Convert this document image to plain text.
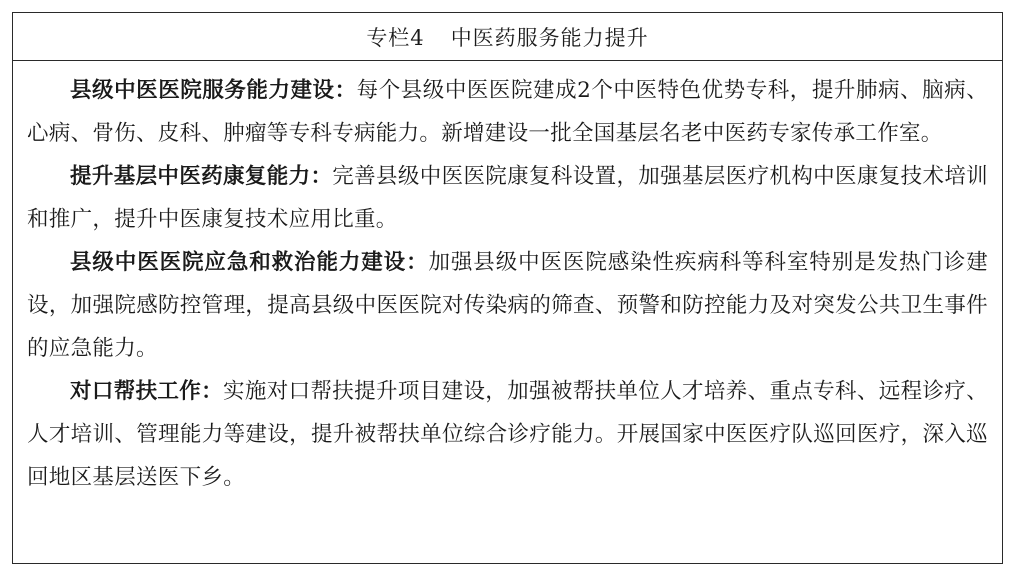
专栏4 中医药服务能力提升

县级中医医院服务能力建设：每个县级中医医院建成2个中医特色优势专科，提升肺病、脑病、心病、骨伤、皮科、肿瘤等专科专病能力。新增建设一批全国基层名老中医药专家传承工作室。

提升基层中医药康复能力：完善县级中医医院康复科设置，加强基层医疗机构中医康复技术培训和推广，提升中医康复技术应用比重。

县级中医医院应急和救治能力建设：加强县级中医医院感染性疾病科等科室特别是发热门诊建设，加强院感防控管理，提高县级中医医院对传染病的筛查、预警和防控能力及对突发公共卫生事件的应急能力。

对口帮扶工作：实施对口帮扶提升项目建设，加强被帮扶单位人才培养、重点专科、远程诊疗、人才培训、管理能力等建设，提升被帮扶单位综合诊疗能力。开展国家中医医疗队巡回医疗，深入巡回地区基层送医下乡。
